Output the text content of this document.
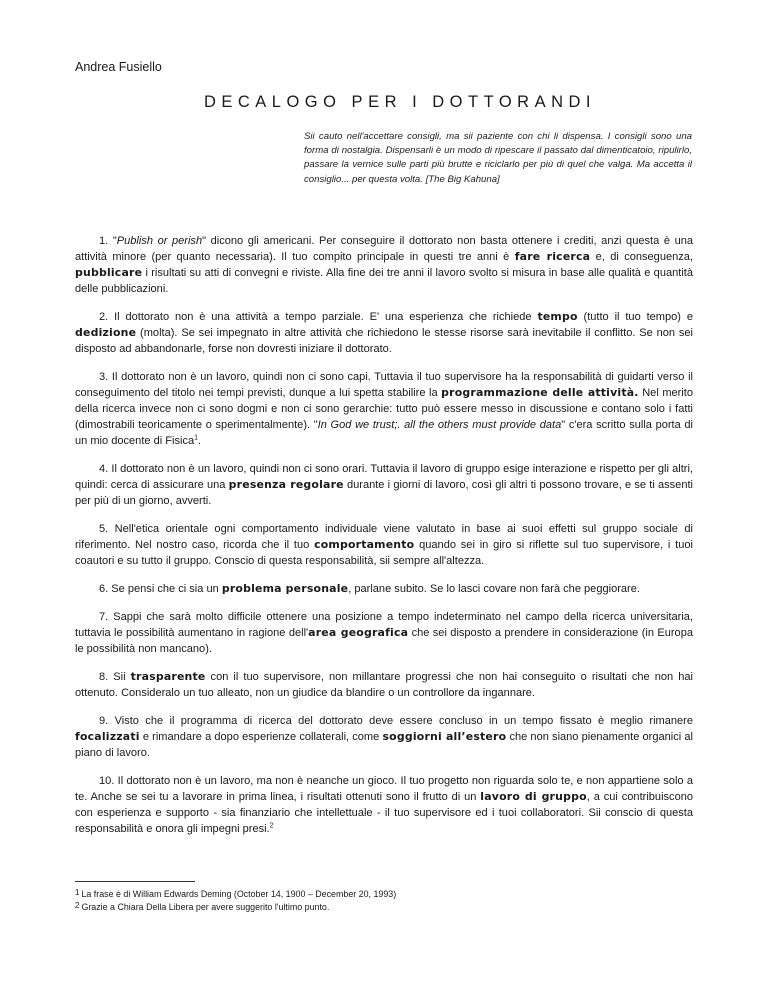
Andrea Fusiello
DECALOGO PER I DOTTORANDI
Sii cauto nell'accettare consigli, ma sii paziente con chi li dispensa. I consigli sono una forma di nostalgia. Dispensarli è un modo di ripescare il passato dal dimenticatoio, ripulirlo, passare la vernice sulle parti più brutte e riciclarlo per più di quel che valga. Ma accetta il consiglio... per questa volta. [The Big Kahuna]

1. "Publish or perish" dicono gli americani. Per conseguire il dottorato non basta ottenere i crediti, anzi questa è una attività minore (per quanto necessaria). Il tuo compito principale in questi tre anni è fare ricerca e, di conseguenza, pubblicare i risultati su atti di convegni e riviste. Alla fine dei tre anni il lavoro svolto si misura in base alle qualità e quantità delle pubblicazioni.

2. Il dottorato non è una attività a tempo parziale. E' una esperienza che richiede tempo (tutto il tuo tempo) e dedizione (molta). Se sei impegnato in altre attività che richiedono le stesse risorse sarà inevitabile il conflitto. Se non sei disposto ad abbandonarle, forse non dovresti iniziare il dottorato.

3. Il dottorato non è un lavoro, quindi non ci sono capi. Tuttavia il tuo supervisore ha la responsabilità di guidarti verso il conseguimento del titolo nei tempi previsti, dunque a lui spetta stabilire la programmazione delle attività. Nel merito della ricerca invece non ci sono dogmi e non ci sono gerarchie: tutto può essere messo in discussione e contano solo i fatti (dimostrabili teoricamente o sperimentalmente). "In God we trust;. all the others must provide data" c'era scritto sulla porta di un mio docente di Fisica$^1$.

4. Il dottorato non è un lavoro, quindi non ci sono orari. Tuttavia il lavoro di gruppo esige interazione e rispetto per gli altri, quindi: cerca di assicurare una presenza regolare durante i giorni di lavoro, così gli altri ti possono trovare, e se ti assenti per più di un giorno, avverti.

5. Nell'etica orientale ogni comportamento individuale viene valutato in base ai suoi effetti sul gruppo sociale di riferimento. Nel nostro caso, ricorda che il tuo comportamento quando sei in giro si riflette sul tuo supervisore, i tuoi coautori e su tutto il gruppo. Conscio di questa responsabilità, sii sempre all'altezza.

6. Se pensi che ci sia un problema personale, parlane subito. Se lo lasci covare non farà che peggiorare.

7. Sappi che sarà molto difficile ottenere una posizione a tempo indeterminato nel campo della ricerca universitaria, tuttavia le possibilità aumentano in ragione dell'area geografica che sei disposto a prendere in considerazione (in Europa le possibilità non mancano).

8. Sii trasparente con il tuo supervisore, non millantare progressi che non hai conseguito o risultati che non hai ottenuto. Consideralo un tuo alleato, non un giudice da blandire o un controllore da ingannare.

9. Visto che il programma di ricerca del dottorato deve essere concluso in un tempo fissato è meglio rimanere focalizzati e rimandare a dopo esperienze collaterali, come soggiorni all’estero che non siano pienamente organici al piano di lavoro.

10. Il dottorato non è un lavoro, ma non è neanche un gioco. Il tuo progetto non riguarda solo te, e non appartiene solo a te. Anche se sei tu a lavorare in prima linea, i risultati ottenuti sono il frutto di un lavoro di gruppo, a cui contribuiscono con esperienza e supporto - sia finanziario che intellettuale - il tuo supervisore ed i tuoi collaboratori. Sii conscio di questa responsabilità e onora gli impegni presi.$^2$

$^1$ La frase è di William Edwards Deming (October 14, 1900 – December 20, 1993)
$^2$ Grazie a Chiara Della Libera per avere suggerito l'ultimo punto.
